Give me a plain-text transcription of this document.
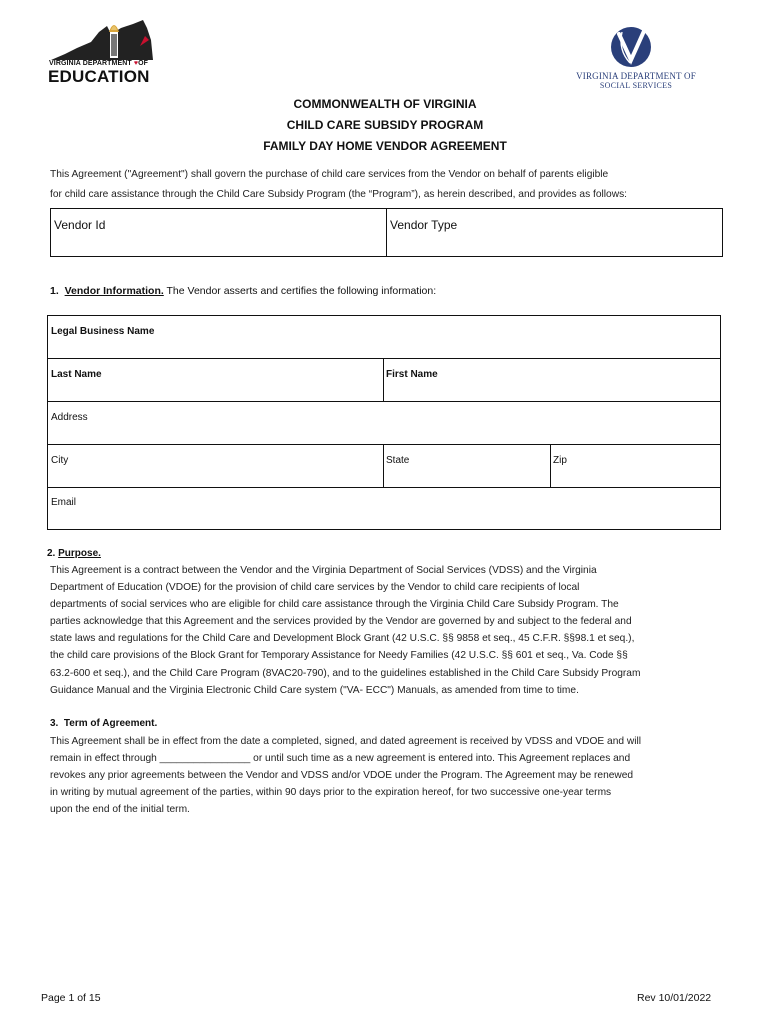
VIRGINIA DEPARTMENT ♥OF
EDUCATION	VIRGINIA DEPARTMENT OF
SOCIAL SERVICES
COMMONWEALTH OF VIRGINIA
CHILD CARE SUBSIDY PROGRAM
FAMILY DAY HOME VENDOR AGREEMENT
This Agreement ("Agreement") shall govern the purchase of child care services from the Vendor on behalf of parents eligible
for child care assistance through the Child Care Subsidy Program (the “Program”), as herein described, and provides as follows:
Vendor Id	Vendor Type
1. Vendor Information. The Vendor asserts and certifies the following information:
Legal Business Name
Last Name	First Name
Address
City	State	Zip
Email
2. Purpose.
This Agreement is a contract between the Vendor and the Virginia Department of Social Services (VDSS) and the Virginia
Department of Education (VDOE) for the provision of child care services by the Vendor to child care recipients of local
departments of social services who are eligible for child care assistance through the Virginia Child Care Subsidy Program. The
parties acknowledge that this Agreement and the services provided by the Vendor are governed by and subject to the federal and
state laws and regulations for the Child Care and Development Block Grant (42 U.S.C. §§ 9858 et seq., 45 C.F.R. §§98.1 et seq.),
the child care provisions of the Block Grant for Temporary Assistance for Needy Families (42 U.S.C. §§ 601 et seq., Va. Code §§
63.2-600 et seq.), and the Child Care Program (8VAC20-790), and to the guidelines established in the Child Care Subsidy Program
Guidance Manual and the Virginia Electronic Child Care system ("VA- ECC") Manuals, as amended from time to time.
3. Term of Agreement.
This Agreement shall be in effect from the date a completed, signed, and dated agreement is received by VDSS and VDOE and will
remain in effect through ________________ or until such time as a new agreement is entered into. This Agreement replaces and
revokes any prior agreements between the Vendor and VDSS and/or VDOE under the Program. The Agreement may be renewed
in writing by mutual agreement of the parties, within 90 days prior to the expiration hereof, for two successive one-year terms
upon the end of the initial term.
Page 1 of 15	Rev 10/01/2022
